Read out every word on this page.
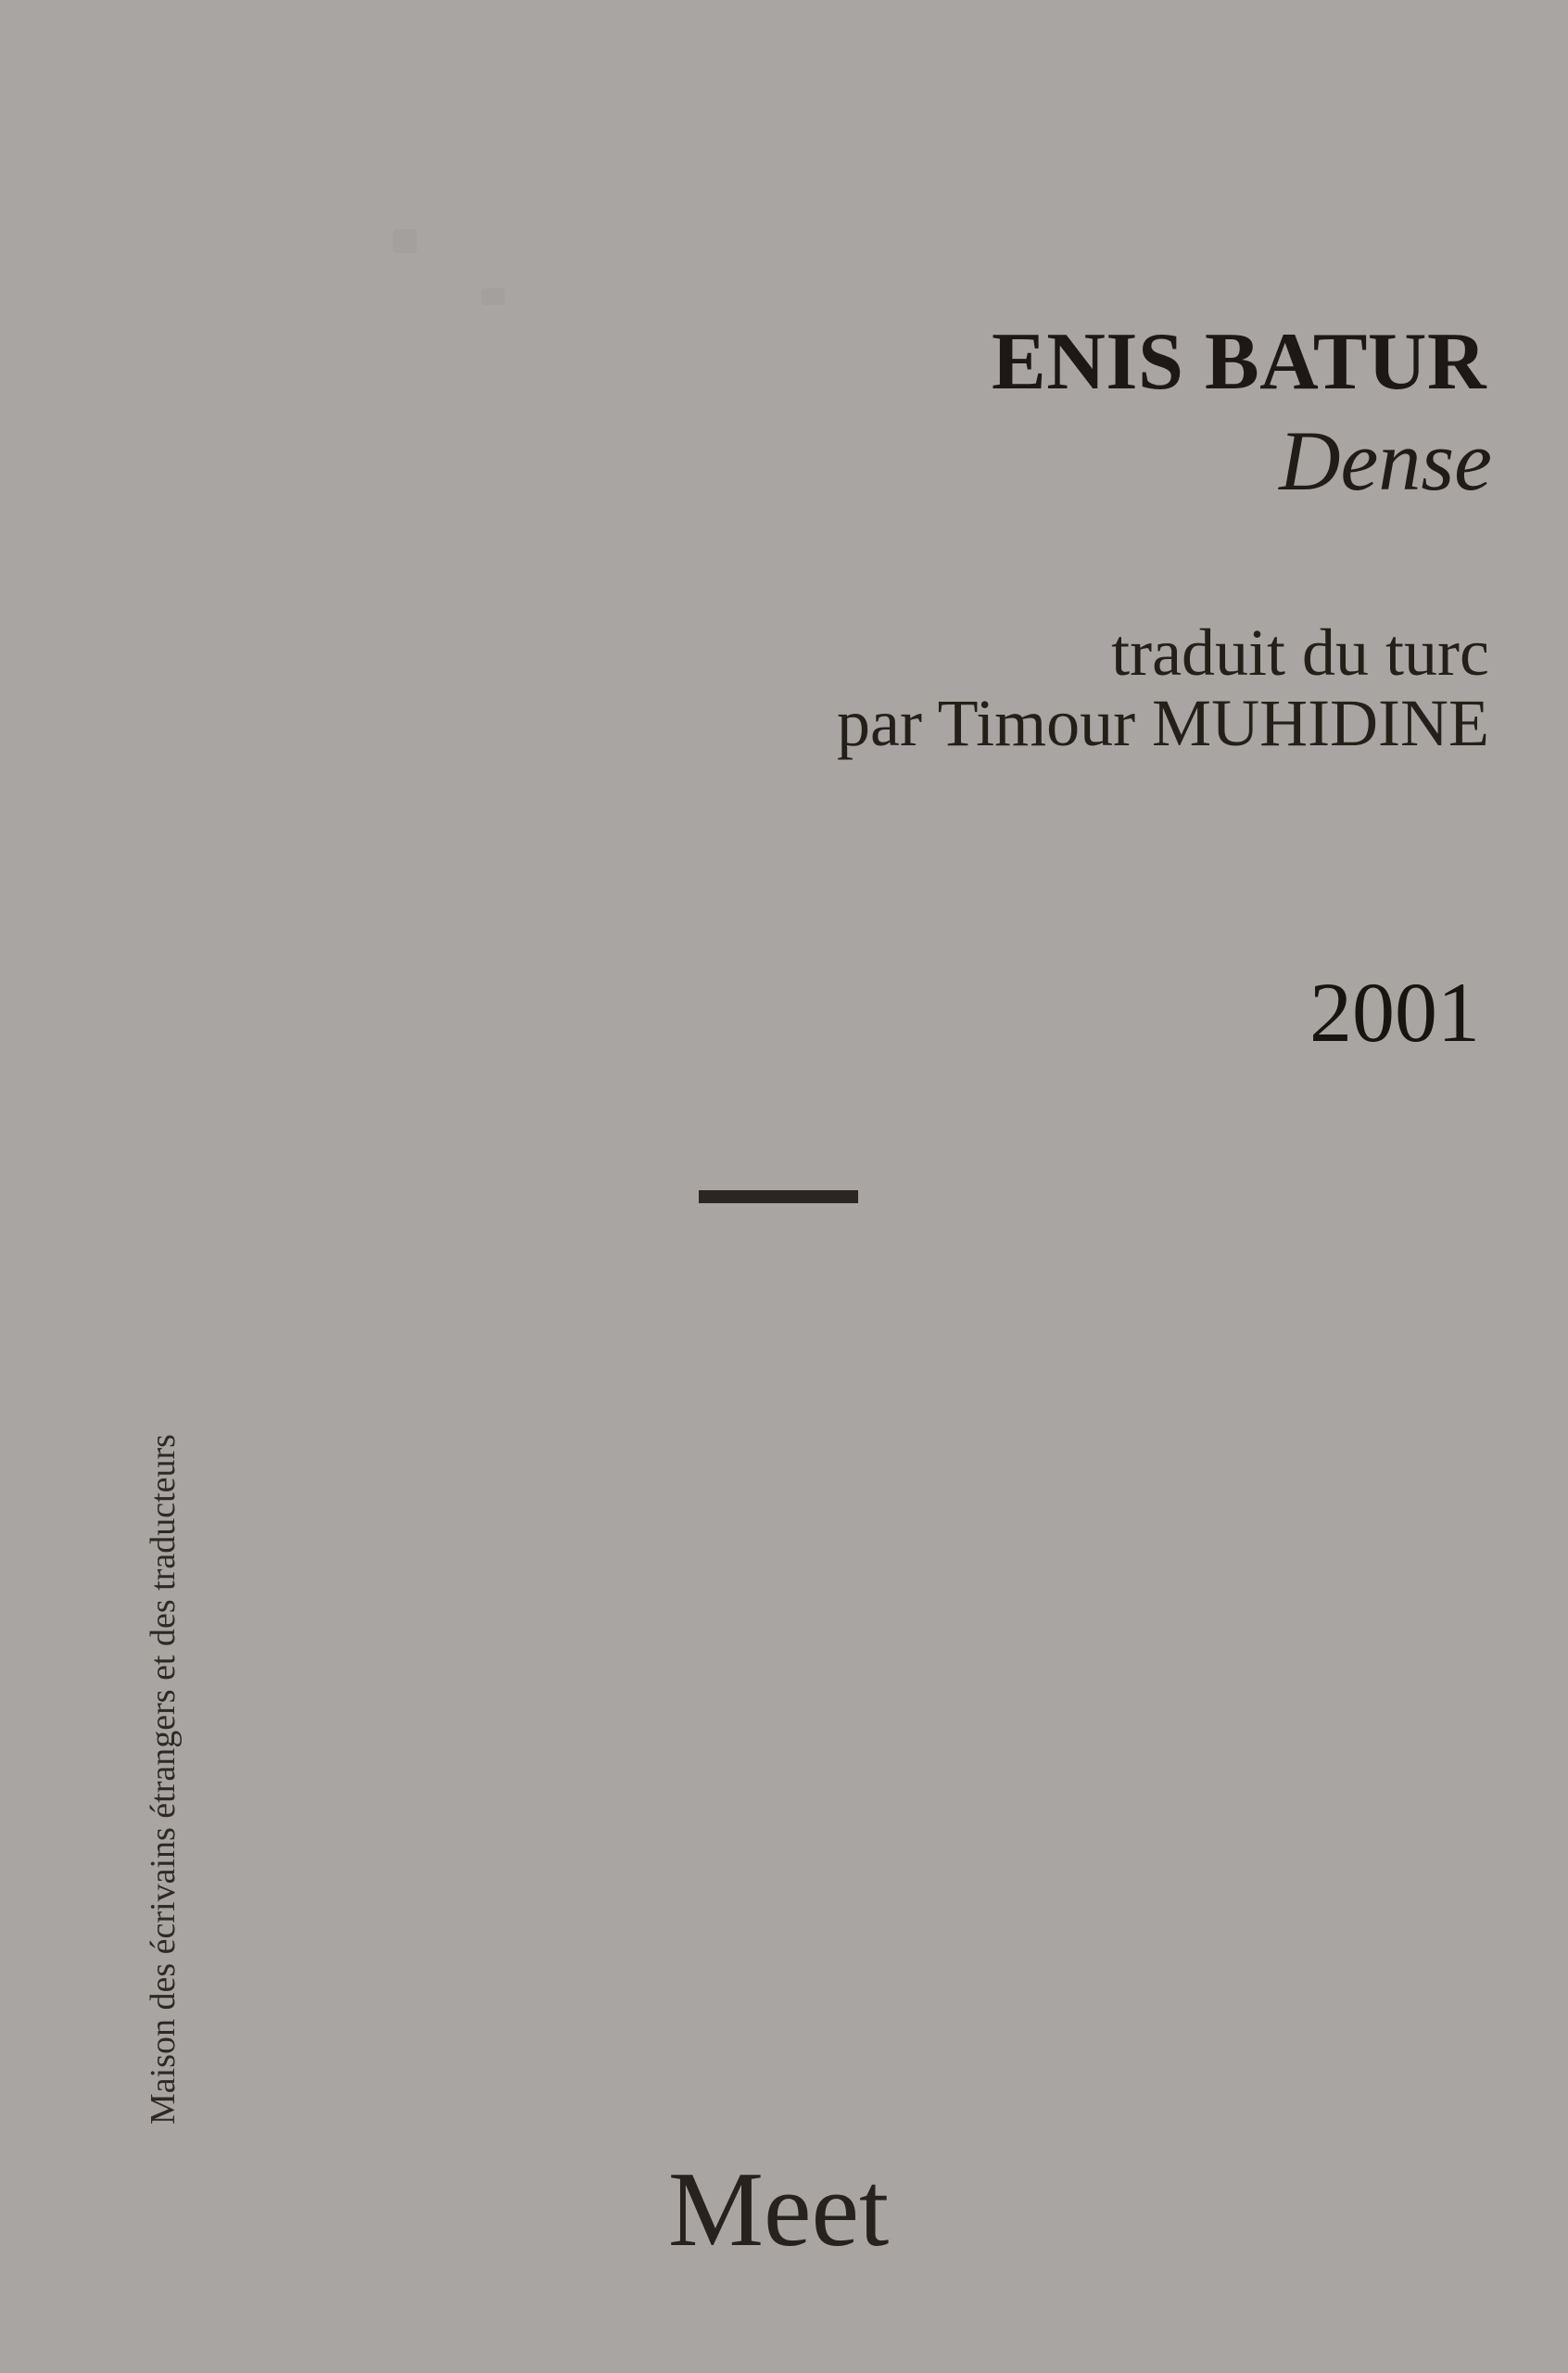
ENIS BATUR
Dense
traduit du turc
par Timour MUHIDINE
2001
Maison des écrivains étrangers et des traducteurs
Meet
